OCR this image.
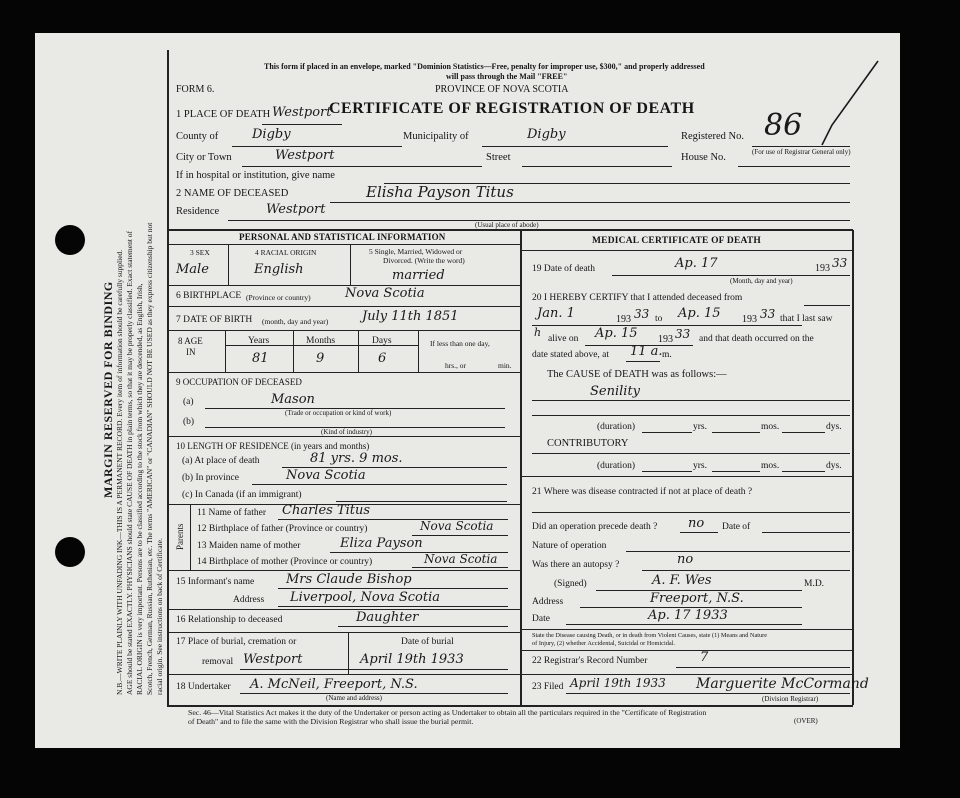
MARGIN RESERVED FOR BINDING N.B.—WRITE PLAINLY WITH UNFADING INK—THIS IS A PERMANENT RECORD. Every item of information should be carefully supplied. AGE should be stated EXACTLY. PHYSICIANS should state CAUSE OF DEATH in plain terms, so that it may be properly classified. Exact statement of RACIAL ORIGIN is very important. Persons are to be classified according to the stock from which they are descended, as English, Irish, Scotch, French, German, Russian, Ruthenian, etc. The terms "AMERICAN" or "CANADIAN" SHOULD NOT BE USED as they express citizenship but not racial origin. See instructions on back of Certificate.
This form if placed in an envelope, marked "Dominion Statistics—Free, penalty for improper use, $300," and properly addressed
will pass through the Mail "FREE"
PROVINCE OF NOVA SCOTIA
FORM 6.
CERTIFICATE OF REGISTRATION OF DEATH
1 PLACE OF DEATH Westport
County of	Digby	Municipality of	Digby	Registered No. 86
(For use of Registrar General only)
City or Town	Westport	Street	House No.
If in hospital or institution, give name
2 NAME OF DECEASED	Elisha Payson Titus
Residence	Westport
(Usual place of abode)
PERSONAL AND STATISTICAL INFORMATION
3 SEX	4 RACIAL ORIGIN	5 Single, Married, Widowed or
Divorced. (Write the word)
Male	English	married
6 BIRTHPLACE (Province or country)	Nova Scotia
7 DATE OF BIRTH (month, day and year)	July 11th 1851
8 AGE
IN
Years	Months	Days	If less than one day,
hrs., or	min.
81	9	6
9 OCCUPATION OF DECEASED
(a)	Mason
(Trade or occupation or kind of work)
(b)
(Kind of industry)
10 LENGTH OF RESIDENCE (in years and months)
(a) At place of death	81 yrs. 9 mos.
(b) In province	Nova Scotia
(c) In Canada (if an immigrant)
Parents
11 Name of father Charles Titus
12 Birthplace of father (Province or country)	Nova Scotia
13 Maiden name of mother	Eliza Payson
14 Birthplace of mother (Province or country)	Nova Scotia
15 Informant's name Mrs Claude Bishop
Address Liverpool, Nova Scotia
16 Relationship to deceased	Daughter
17 Place of burial, cremation or
removal
Date of burial
Westport	April 19th 1933
18 Undertaker A. McNeil, Freeport, N.S.
(Name and address)
MEDICAL CERTIFICATE OF DEATH
19 Date of death	Ap. 17	193 33
(Month, day and year)
20 I HEREBY CERTIFY that I attended deceased from
Jan. 1	193 33 to Ap. 15 193 33 that I last saw
h alive on Ap. 15 193 33 and that death occurred on the
date stated above, at 11 a. m.
The CAUSE of DEATH was as follows:—
Senility
(duration)	yrs.	mos.	dys.
CONTRIBUTORY
(duration)	yrs.	mos.	dys.
21 Where was disease contracted if not at place of death ?
Did an operation precede death ? no Date of
Nature of operation
Was there an autopsy ?	no
(Signed)	A. F. Wes	M.D.
Address	Freeport, N.S.
Date	Ap. 17 1933
State the Disease causing Death, or in death from Violent Causes, state (1) Means and Nature
of Injury, (2) whether Accidental, Suicidal or Homicidal.
22 Registrar's Record Number	7
23 Filed April 19th 1933 Marguerite McCormand
(Division Registrar)
Sec. 46—Vital Statistics Act makes it the duty of the Undertaker or person acting as Undertaker to obtain all the particulars required in the "Certificate of Registration
of Death" and to file the same with the Division Registrar who shall issue the burial permit.	(OVER)
